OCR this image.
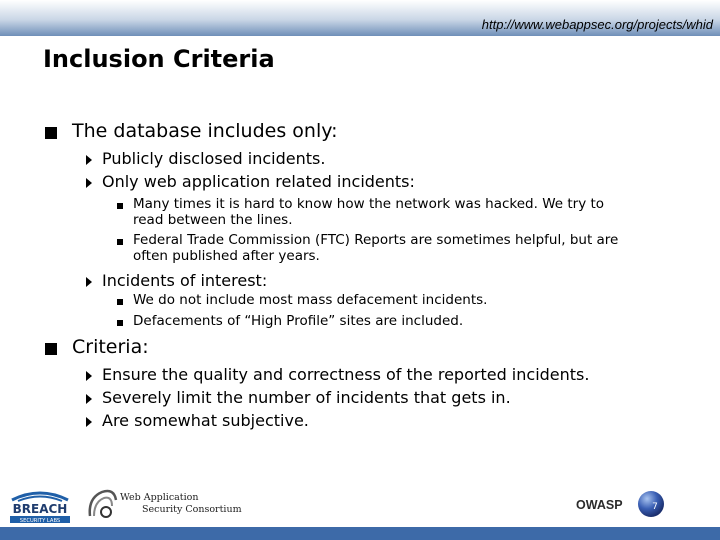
http://www.webappsec.org/projects/whid
Inclusion Criteria
The database includes only:
Publicly disclosed incidents.
Only web application related incidents:
Many times it is hard to know how the network was hacked. We try to
read between the lines.
Federal Trade Commission (FTC) Reports are sometimes helpful, but are
often published after years.
Incidents of interest:
We do not include most mass defacement incidents.
Defacements of “High Profile” sites are included.
Criteria:
Ensure the quality and correctness of the reported incidents.
Severely limit the number of incidents that gets in.
Are somewhat subjective.
BREACH
SECURITY LABS
Web Application
Security Consortium	OWASP	7
